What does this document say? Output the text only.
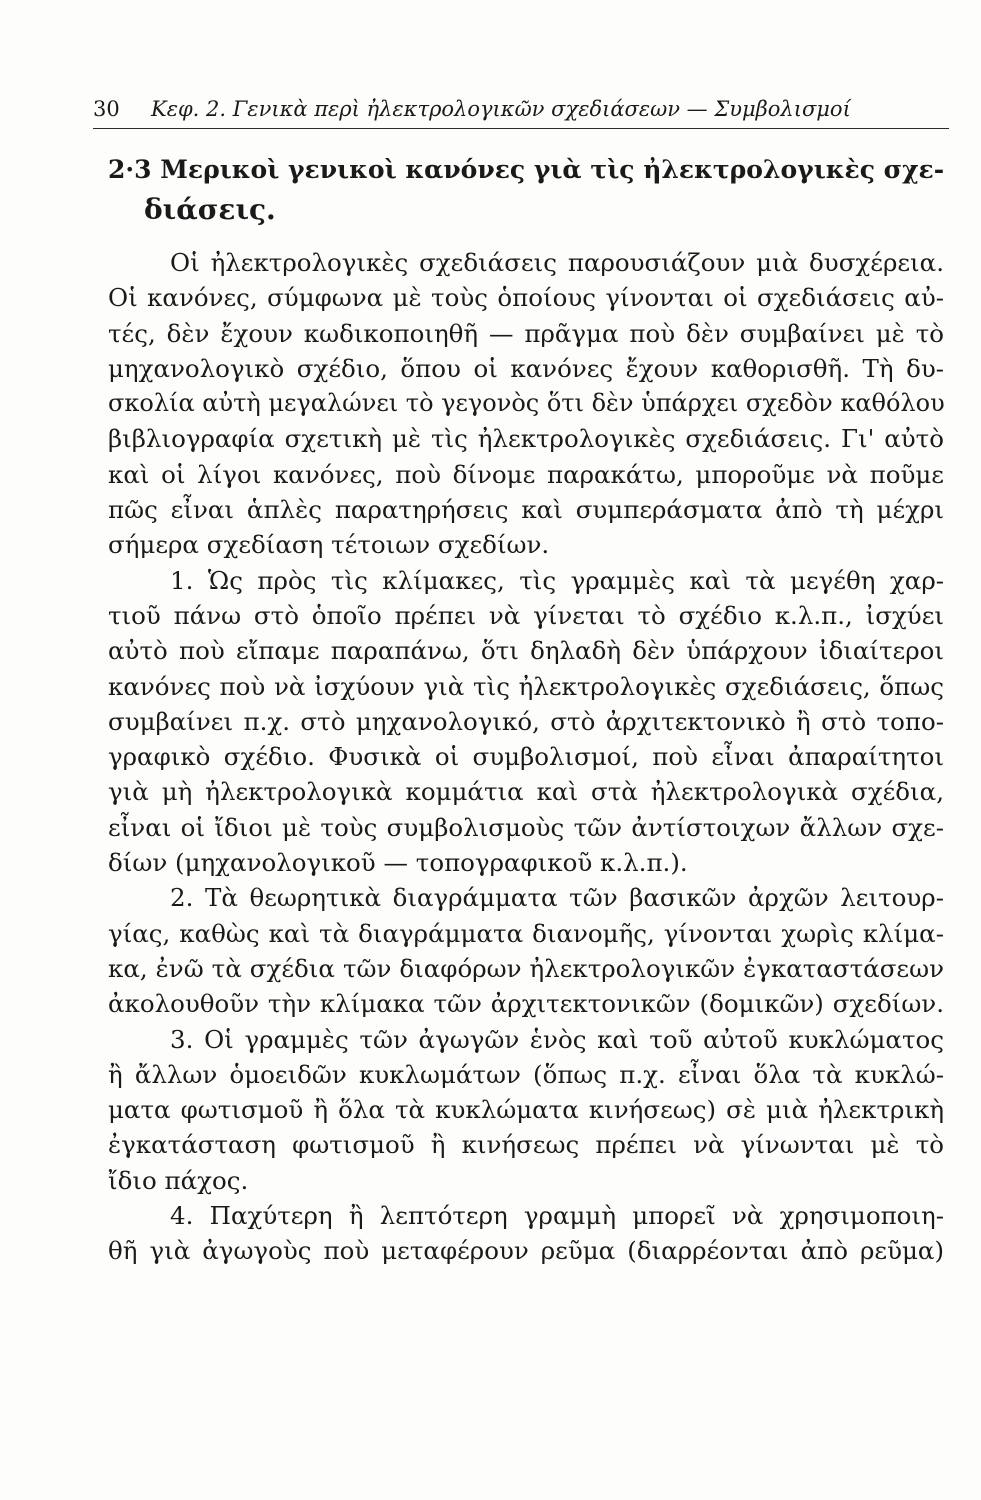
30 Κεφ. 2. Γενικὰ περὶ ἠλεκτρολογικῶν σχεδιάσεων — Συμβολισμοί
2·3 Μερικοὶ γενικοὶ κανόνες γιὰ τὶς ἠλεκτρολογικὲς σχε-
διάσεις.
Οἱ ἠλεκτρολογικὲς σχεδιάσεις παρουσιάζουν μιὰ δυσχέρεια.
Οἱ κανόνες, σύμφωνα μὲ τοὺς ὁποίους γίνονται οἱ σχεδιάσεις αὐ-
τές, δὲν ἔχουν κωδικοποιηθῆ — πρᾶγμα ποὺ δὲν συμβαίνει μὲ τὸ
μηχανολογικὸ σχέδιο, ὅπου οἱ κανόνες ἔχουν καθορισθῆ. Τὴ δυ-
σκολία αὐτὴ μεγαλώνει τὸ γεγονὸς ὅτι δὲν ὑπάρχει σχεδὸν καθόλου
βιβλιογραφία σχετικὴ μὲ τὶς ἠλεκτρολογικὲς σχεδιάσεις. Γι' αὐτὸ
καὶ οἱ λίγοι κανόνες, ποὺ δίνομε παρακάτω, μποροῦμε νὰ ποῦμε
πῶς εἶναι ἁπλὲς παρατηρήσεις καὶ συμπεράσματα ἀπὸ τὴ μέχρι
σήμερα σχεδίαση τέτοιων σχεδίων.
1. Ὡς πρὸς τὶς κλίμακες, τὶς γραμμὲς καὶ τὰ μεγέθη χαρ-
τιοῦ πάνω στὸ ὁποῖο πρέπει νὰ γίνεται τὸ σχέδιο κ.λ.π., ἰσχύει
αὐτὸ ποὺ εἴπαμε παραπάνω, ὅτι δηλαδὴ δὲν ὑπάρχουν ἰδιαίτεροι
κανόνες ποὺ νὰ ἰσχύουν γιὰ τὶς ἠλεκτρολογικὲς σχεδιάσεις, ὅπως
συμβαίνει π.χ. στὸ μηχανολογικό, στὸ ἀρχιτεκτονικὸ ἢ στὸ τοπο-
γραφικὸ σχέδιο. Φυσικὰ οἱ συμβολισμοί, ποὺ εἶναι ἀπαραίτητοι
γιὰ μὴ ἠλεκτρολογικὰ κομμάτια καὶ στὰ ἠλεκτρολογικὰ σχέδια,
εἶναι οἱ ἴδιοι μὲ τοὺς συμβολισμοὺς τῶν ἀντίστοιχων ἄλλων σχε-
δίων (μηχανολογικοῦ — τοπογραφικοῦ κ.λ.π.).
2. Τὰ θεωρητικὰ διαγράμματα τῶν βασικῶν ἀρχῶν λειτουρ-
γίας, καθὼς καὶ τὰ διαγράμματα διανομῆς, γίνονται χωρὶς κλίμα-
κα, ἐνῶ τὰ σχέδια τῶν διαφόρων ἠλεκτρολογικῶν ἐγκαταστάσεων
ἀκολουθοῦν τὴν κλίμακα τῶν ἀρχιτεκτονικῶν (δομικῶν) σχεδίων.
3. Οἱ γραμμὲς τῶν ἀγωγῶν ἑνὸς καὶ τοῦ αὐτοῦ κυκλώματος
ἢ ἄλλων ὁμοειδῶν κυκλωμάτων (ὅπως π.χ. εἶναι ὅλα τὰ κυκλώ-
ματα φωτισμοῦ ἢ ὅλα τὰ κυκλώματα κινήσεως) σὲ μιὰ ἠλεκτρικὴ
ἐγκατάσταση φωτισμοῦ ἢ κινήσεως πρέπει νὰ γίνωνται μὲ τὸ
ἴδιο πάχος.
4. Παχύτερη ἢ λεπτότερη γραμμὴ μπορεῖ νὰ χρησιμοποιη-
θῆ γιὰ ἀγωγοὺς ποὺ μεταφέρουν ρεῦμα (διαρρέονται ἀπὸ ρεῦμα)
